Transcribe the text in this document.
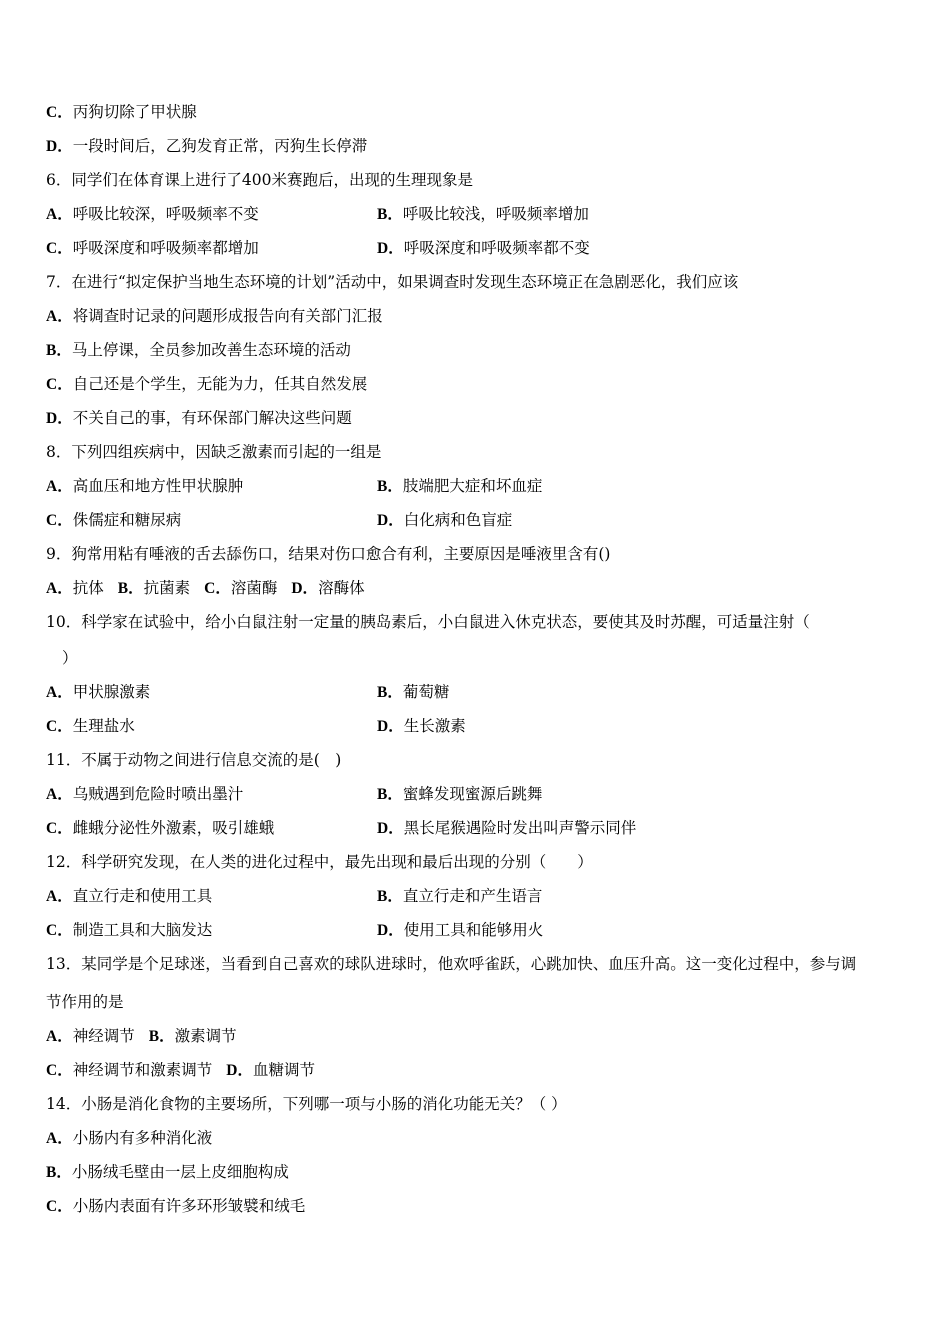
C．丙狗切除了甲状腺
D．一段时间后，乙狗发育正常，丙狗生长停滞
6．同学们在体育课上进行了400米赛跑后，出现的生理现象是
A．呼吸比较深，呼吸频率不变	B．呼吸比较浅，呼吸频率增加
C．呼吸深度和呼吸频率都增加	D．呼吸深度和呼吸频率都不变
7．在进行“拟定保护当地生态环境的计划”活动中，如果调查时发现生态环境正在急剧恶化，我们应该
A．将调查时记录的问题形成报告向有关部门汇报
B．马上停课，全员参加改善生态环境的活动
C．自己还是个学生，无能为力，任其自然发展
D．不关自己的事，有环保部门解决这些问题
8．下列四组疾病中，因缺乏激素而引起的一组是
A．高血压和地方性甲状腺肿	B．肢端肥大症和坏血症
C．侏儒症和糖尿病	D．白化病和色盲症
9．狗常用粘有唾液的舌去舔伤口，结果对伤口愈合有利，主要原因是唾液里含有()
A．抗体 B．抗菌素 C．溶菌酶 D．溶酶体
10．科学家在试验中，给小白鼠注射一定量的胰岛素后，小白鼠进入休克状态，要使其及时苏醒，可适量注射（
）
A．甲状腺激素	B．葡萄糖
C．生理盐水	D．生长激素
11．不属于动物之间进行信息交流的是(　)
A．乌贼遇到危险时喷出墨汁	B．蜜蜂发现蜜源后跳舞
C．雌蛾分泌性外激素，吸引雄蛾	D．黑长尾猴遇险时发出叫声警示同伴
12．科学研究发现，在人类的进化过程中，最先出现和最后出现的分别（　　）
A．直立行走和使用工具	B．直立行走和产生语言
C．制造工具和大脑发达	D．使用工具和能够用火
13．某同学是个足球迷，当看到自己喜欢的球队进球时，他欢呼雀跃，心跳加快、血压升高。这一变化过程中，参与调
节作用的是
A．神经调节 B．激素调节
C．神经调节和激素调节 D．血糖调节
14．小肠是消化食物的主要场所，下列哪一项与小肠的消化功能无关？（ ）
A．小肠内有多种消化液
B．小肠绒毛壁由一层上皮细胞构成
C．小肠内表面有许多环形皱襞和绒毛
